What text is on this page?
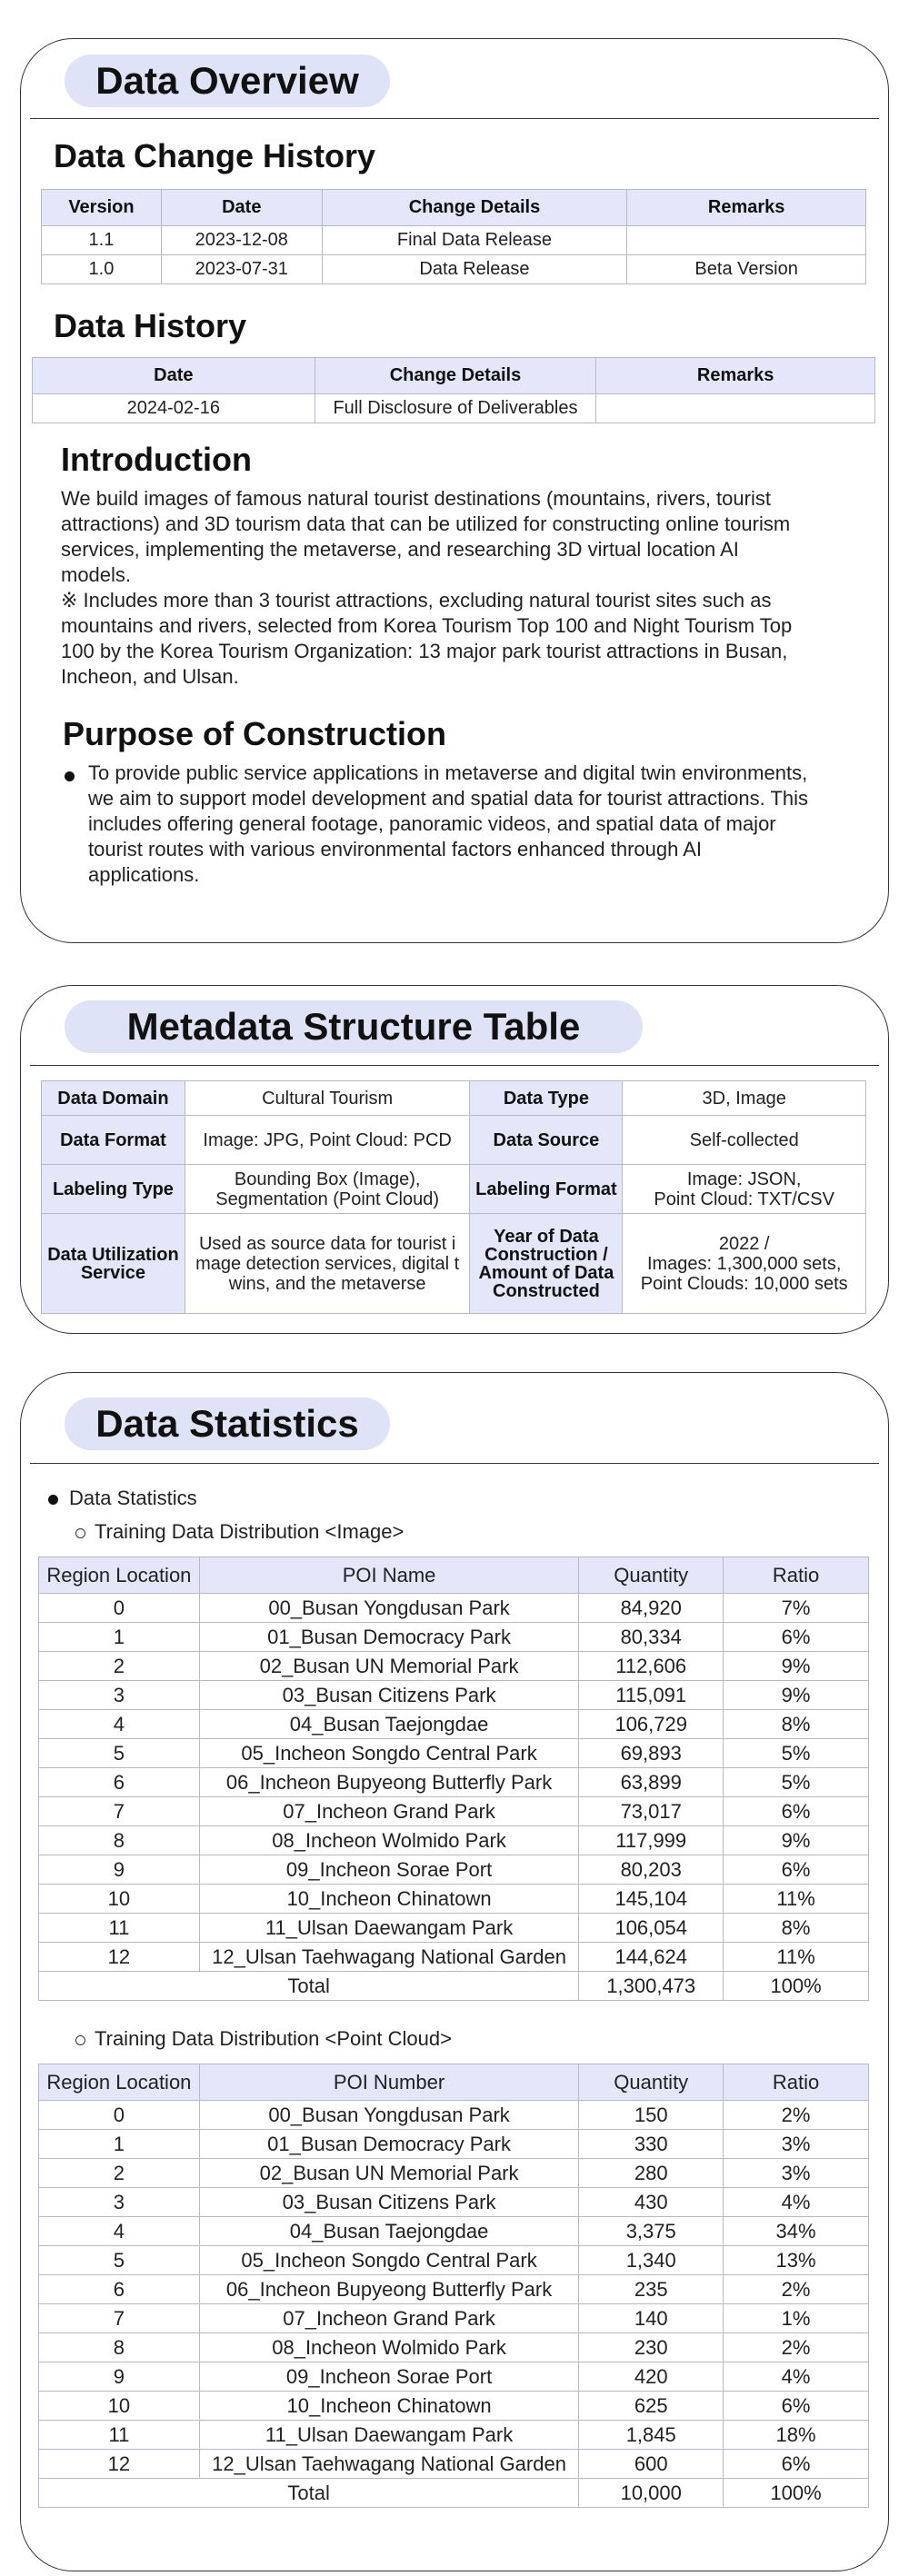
Data Overview
Data Change History
Version	Date	Change Details	Remarks
1.1	2023-12-08	Final Data Release	
1.0	2023-07-31	Data Release	Beta Version
Data History
Date	Change Details	Remarks
2024-02-16	Full Disclosure of Deliverables	
Introduction
We build images of famous natural tourist destinations (mountains, rivers, tourist
attractions) and 3D tourism data that can be utilized for constructing online tourism
services, implementing the metaverse, and researching 3D virtual location AI
models.
※ Includes more than 3 tourist attractions, excluding natural tourist sites such as
mountains and rivers, selected from Korea Tourism Top 100 and Night Tourism Top
100 by the Korea Tourism Organization: 13 major park tourist attractions in Busan,
Incheon, and Ulsan.
Purpose of Construction
To provide public service applications in metaverse and digital twin environments,
we aim to support model development and spatial data for tourist attractions. This
includes offering general footage, panoramic videos, and spatial data of major
tourist routes with various environmental factors enhanced through AI
applications.
Metadata Structure Table
Data Domain	Cultural Tourism	Data Type	3D, Image
Data Format	Image: JPG, Point Cloud: PCD	Data Source	Self-collected
Labeling Type	Bounding Box (Image),
Segmentation (Point Cloud)	Labeling Format	Image: JSON,
Point Cloud: TXT/CSV
Data Utilization
Service	Used as source data for tourist i
mage detection services, digital t
wins, and the metaverse	Year of Data
Construction /
Amount of Data
Constructed	2022 /
Images: 1,300,000 sets,
Point Clouds: 10,000 sets
Data Statistics
Data Statistics
Training Data Distribution <Image>
Region Location	POI Name	Quantity	Ratio
0	00_Busan Yongdusan Park	84,920	7%
1	01_Busan Democracy Park	80,334	6%
2	02_Busan UN Memorial Park	112,606	9%
3	03_Busan Citizens Park	115,091	9%
4	04_Busan Taejongdae	106,729	8%
5	05_Incheon Songdo Central Park	69,893	5%
6	06_Incheon Bupyeong Butterfly Park	63,899	5%
7	07_Incheon Grand Park	73,017	6%
8	08_Incheon Wolmido Park	117,999	9%
9	09_Incheon Sorae Port	80,203	6%
10	10_Incheon Chinatown	145,104	11%
11	11_Ulsan Daewangam Park	106,054	8%
12	12_Ulsan Taehwagang National Garden	144,624	11%
Total		1,300,473	100%
Training Data Distribution <Point Cloud>
Region Location	POI Number	Quantity	Ratio
0	00_Busan Yongdusan Park	150	2%
1	01_Busan Democracy Park	330	3%
2	02_Busan UN Memorial Park	280	3%
3	03_Busan Citizens Park	430	4%
4	04_Busan Taejongdae	3,375	34%
5	05_Incheon Songdo Central Park	1,340	13%
6	06_Incheon Bupyeong Butterfly Park	235	2%
7	07_Incheon Grand Park	140	1%
8	08_Incheon Wolmido Park	230	2%
9	09_Incheon Sorae Port	420	4%
10	10_Incheon Chinatown	625	6%
11	11_Ulsan Daewangam Park	1,845	18%
12	12_Ulsan Taehwagang National Garden	600	6%
Total		10,000	100%
